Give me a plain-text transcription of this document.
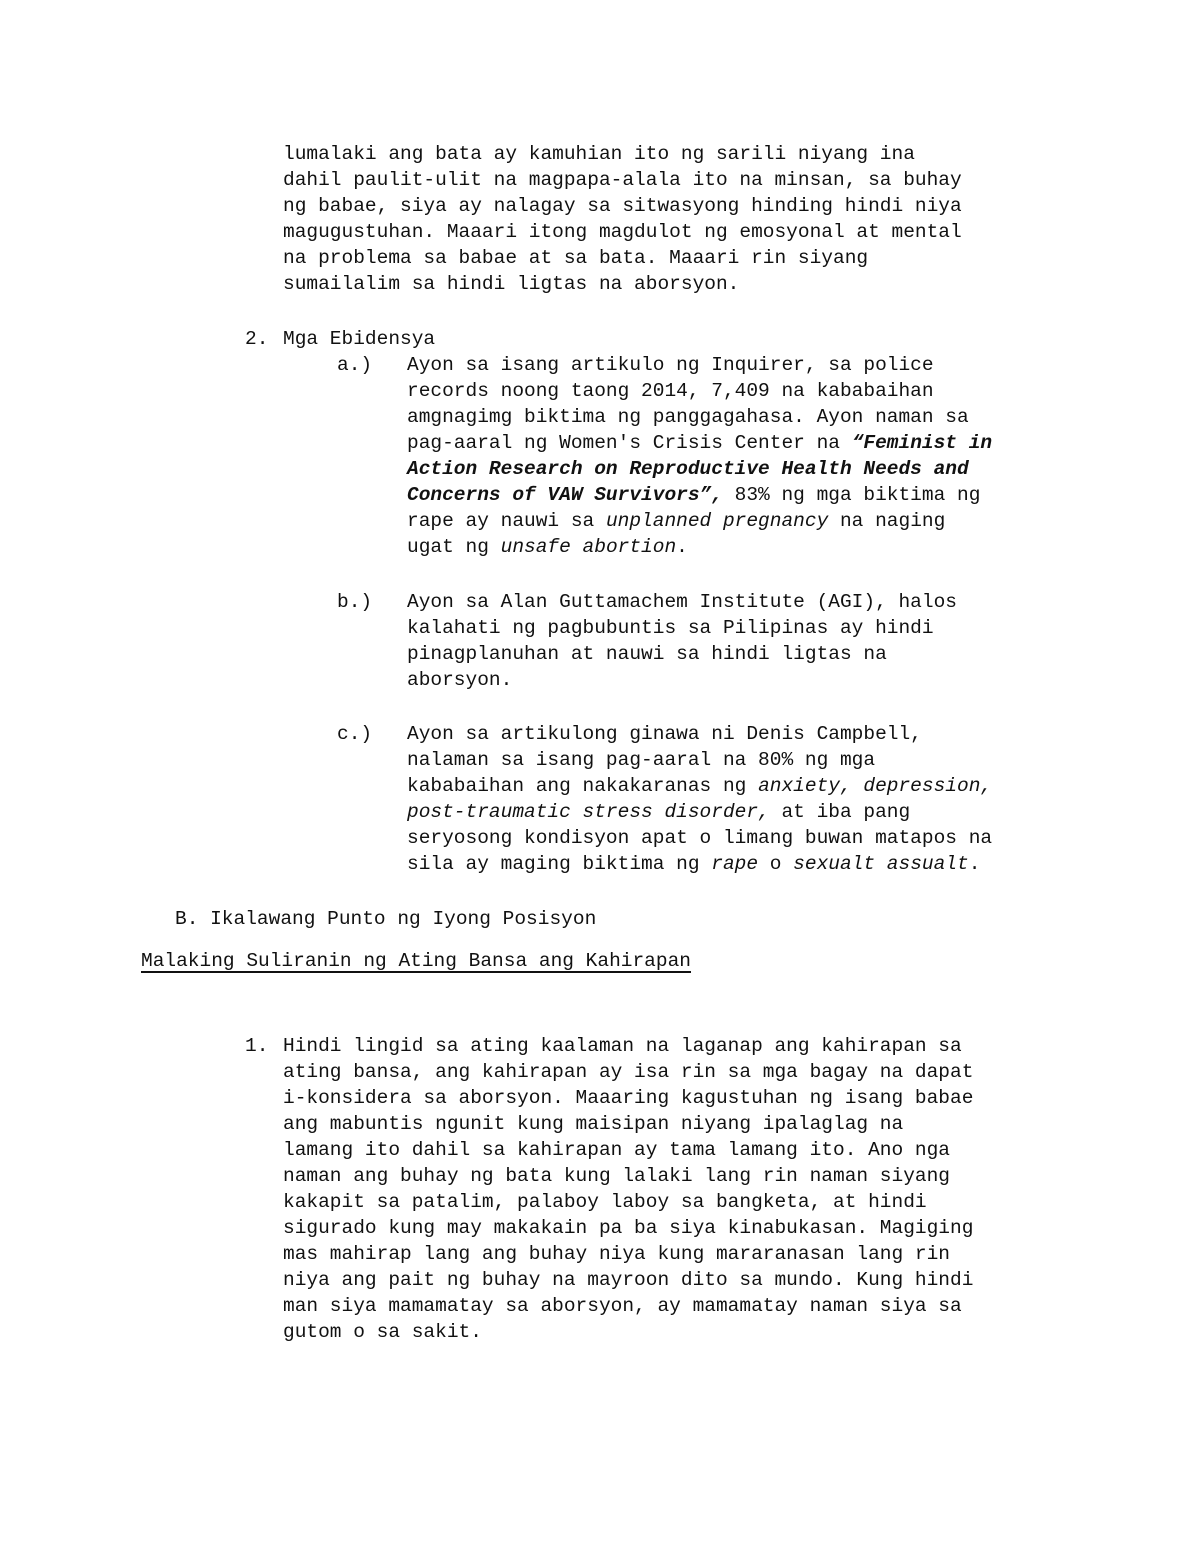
lumalaki ang bata ay kamuhian ito ng sarili niyang ina
dahil paulit-ulit na magpapa-alala ito na minsan, sa buhay
ng babae, siya ay nalagay sa sitwasyong hinding hindi niya
magugustuhan. Maaari itong magdulot ng emosyonal at mental
na problema sa babae at sa bata. Maaari rin siyang
sumailalim sa hindi ligtas na aborsyon.
2. Mga Ebidensya
a.) Ayon sa isang artikulo ng Inquirer, sa police
records noong taong 2014, 7,409 na kababaihan
amgnagimg biktima ng panggagahasa. Ayon naman sa
pag-aaral ng Women's Crisis Center na “Feminist in
Action Research on Reproductive Health Needs and
Concerns of VAW Survivors”, 83% ng mga biktima ng
rape ay nauwi sa unplanned pregnancy na naging
ugat ng unsafe abortion.
b.) Ayon sa Alan Guttamachem Institute (AGI), halos
kalahati ng pagbubuntis sa Pilipinas ay hindi
pinagplanuhan at nauwi sa hindi ligtas na
aborsyon.
c.) Ayon sa artikulong ginawa ni Denis Campbell,
nalaman sa isang pag-aaral na 80% ng mga
kababaihan ang nakakaranas ng anxiety, depression,
post-traumatic stress disorder, at iba pang
seryosong kondisyon apat o limang buwan matapos na
sila ay maging biktima ng rape o sexualt assualt.
B. Ikalawang Punto ng Iyong Posisyon
Malaking Suliranin ng Ating Bansa ang Kahirapan
1. Hindi lingid sa ating kaalaman na laganap ang kahirapan sa
ating bansa, ang kahirapan ay isa rin sa mga bagay na dapat
i-konsidera sa aborsyon. Maaaring kagustuhan ng isang babae
ang mabuntis ngunit kung maisipan niyang ipalaglag na
lamang ito dahil sa kahirapan ay tama lamang ito. Ano nga
naman ang buhay ng bata kung lalaki lang rin naman siyang
kakapit sa patalim, palaboy laboy sa bangketa, at hindi
sigurado kung may makakain pa ba siya kinabukasan. Magiging
mas mahirap lang ang buhay niya kung mararanasan lang rin
niya ang pait ng buhay na mayroon dito sa mundo. Kung hindi
man siya mamamatay sa aborsyon, ay mamamatay naman siya sa
gutom o sa sakit.
